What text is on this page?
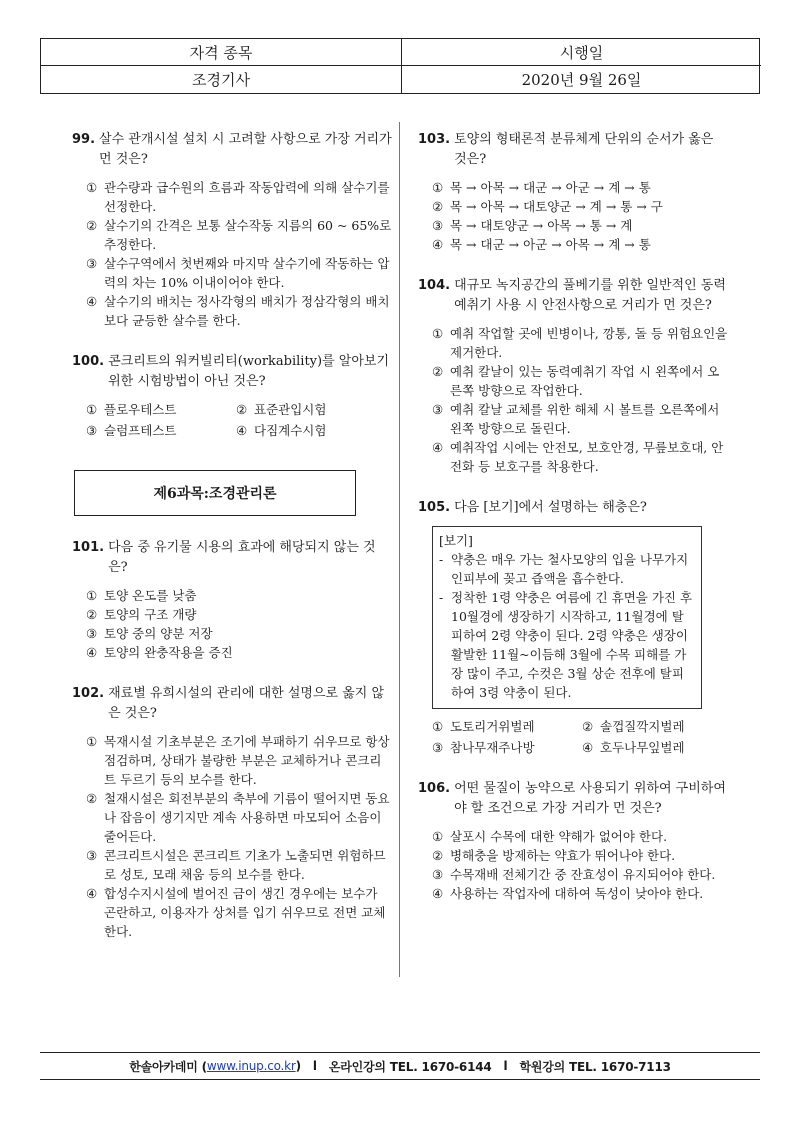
자격 종목	시행일
조경기사	2020년 9월 26일
99. 살수 관개시설 설치 시 고려할 사항으로 가장 거리가 먼 것은?
① 관수량과 급수원의 흐름과 작동압력에 의해 살수기를 선정한다.
② 살수기의 간격은 보통 살수작동 지름의 60 ~ 65%로 추정한다.
③ 살수구역에서 첫번째와 마지막 살수기에 작동하는 압력의 차는 10% 이내이어야 한다.
④ 살수기의 배치는 정사각형의 배치가 정삼각형의 배치보다 균등한 살수를 한다.
100. 콘크리트의 워커빌리티(workability)를 알아보기 위한 시험방법이 아닌 것은?
① 플로우테스트	② 표준관입시험
③ 슬럼프테스트	④ 다짐계수시험
제6과목:조경관리론
101. 다음 중 유기물 시용의 효과에 해당되지 않는 것은?
① 토양 온도를 낮춤
② 토양의 구조 개량
③ 토양 중의 양분 저장
④ 토양의 완충작용을 증진
102. 재료별 유희시설의 관리에 대한 설명으로 옳지 않은 것은?
① 목재시설 기초부분은 조기에 부패하기 쉬우므로 항상 점검하며, 상태가 불량한 부분은 교체하거나 콘크리트 두르기 등의 보수를 한다.
② 철재시설은 회전부분의 축부에 기름이 떨어지면 동요나 잡음이 생기지만 계속 사용하면 마모되어 소음이 줄어든다.
③ 콘크리트시설은 콘크리트 기초가 노출되면 위험하므로 성토, 모래 채움 등의 보수를 한다.
④ 합성수지시설에 벌어진 금이 생긴 경우에는 보수가 곤란하고, 이용자가 상처를 입기 쉬우므로 전면 교체한다.
103. 토양의 형태론적 분류체계 단위의 순서가 옳은 것은?
① 목 → 아목 → 대군 → 아군 → 계 → 통
② 목 → 아목 → 대토양군 → 계 → 통 → 구
③ 목 → 대토양군 → 아목 → 통 → 계
④ 목 → 대군 → 아군 → 아목 → 계 → 통
104. 대규모 녹지공간의 풀베기를 위한 일반적인 동력예취기 사용 시 안전사항으로 거리가 먼 것은?
① 예취 작업할 곳에 빈병이나, 깡통, 돌 등 위험요인을 제거한다.
② 예취 칼날이 있는 동력예취기 작업 시 왼쪽에서 오른쪽 방향으로 작업한다.
③ 예취 칼날 교체를 위한 해체 시 볼트를 오른쪽에서 왼쪽 방향으로 돌린다.
④ 예취작업 시에는 안전모, 보호안경, 무릎보호대, 안전화 등 보호구를 착용한다.
105. 다음 [보기]에서 설명하는 해충은?
[보기]
- 약충은 매우 가는 철사모양의 입을 나무가지 인피부에 꽂고 즙액을 흡수한다.
- 정착한 1령 약충은 여름에 긴 휴면을 가진 후 10월경에 생장하기 시작하고, 11월경에 탈피하여 2령 약충이 된다. 2령 약충은 생장이 활발한 11월~이듬해 3월에 수목 피해를 가장 많이 주고, 수컷은 3월 상순 전후에 탈피하여 3령 약충이 된다.
① 도토리거위벌레	② 솔껍질깍지벌레
③ 참나무재주나방	④ 호두나무잎벌레
106. 어떤 물질이 농약으로 사용되기 위하여 구비하여야 할 조건으로 가장 거리가 먼 것은?
① 살포시 수목에 대한 약해가 없어야 한다.
② 병해충을 방제하는 약효가 뛰어나야 한다.
③ 수목재배 전체기간 중 잔효성이 유지되어야 한다.
④ 사용하는 작업자에 대하여 독성이 낮아야 한다.
한솔아카데미 ( www.inup.co.kr ) l 온라인강의 TEL. 1670-6144 l 학원강의 TEL. 1670-7113
